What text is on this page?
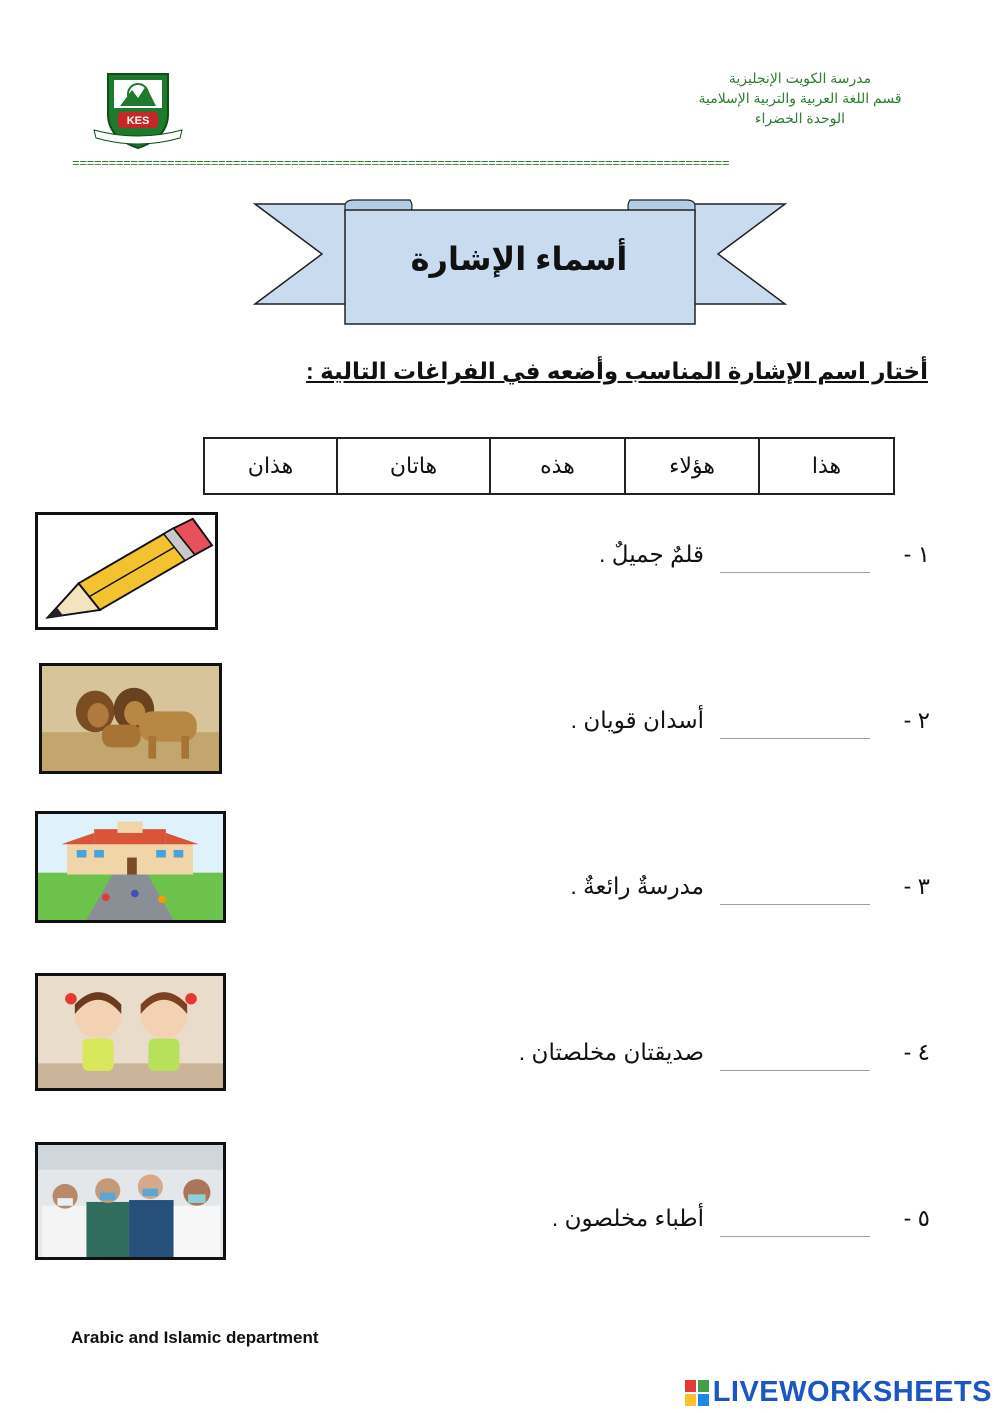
مدرسة الكويت الإنجليزية
قسم اللغة العربية والتربية الإسلامية
الوحدة الخضراء
KES
==========================================================================================
أسماء الإشارة
أختار اسم الإشارة المناسب وأضعه في الفراغات التالية :
هذا	هؤلاء	هذه	هاتان	هذان
١ -
قلمٌ جميلٌ .
٢ -
أسدان قويان .
٣ -
مدرسةٌ رائعةٌ .
٤ -
صديقتان مخلصتان .
٥ -
أطباء مخلصون .
Arabic and Islamic department
LIVEWORKSHEETS
